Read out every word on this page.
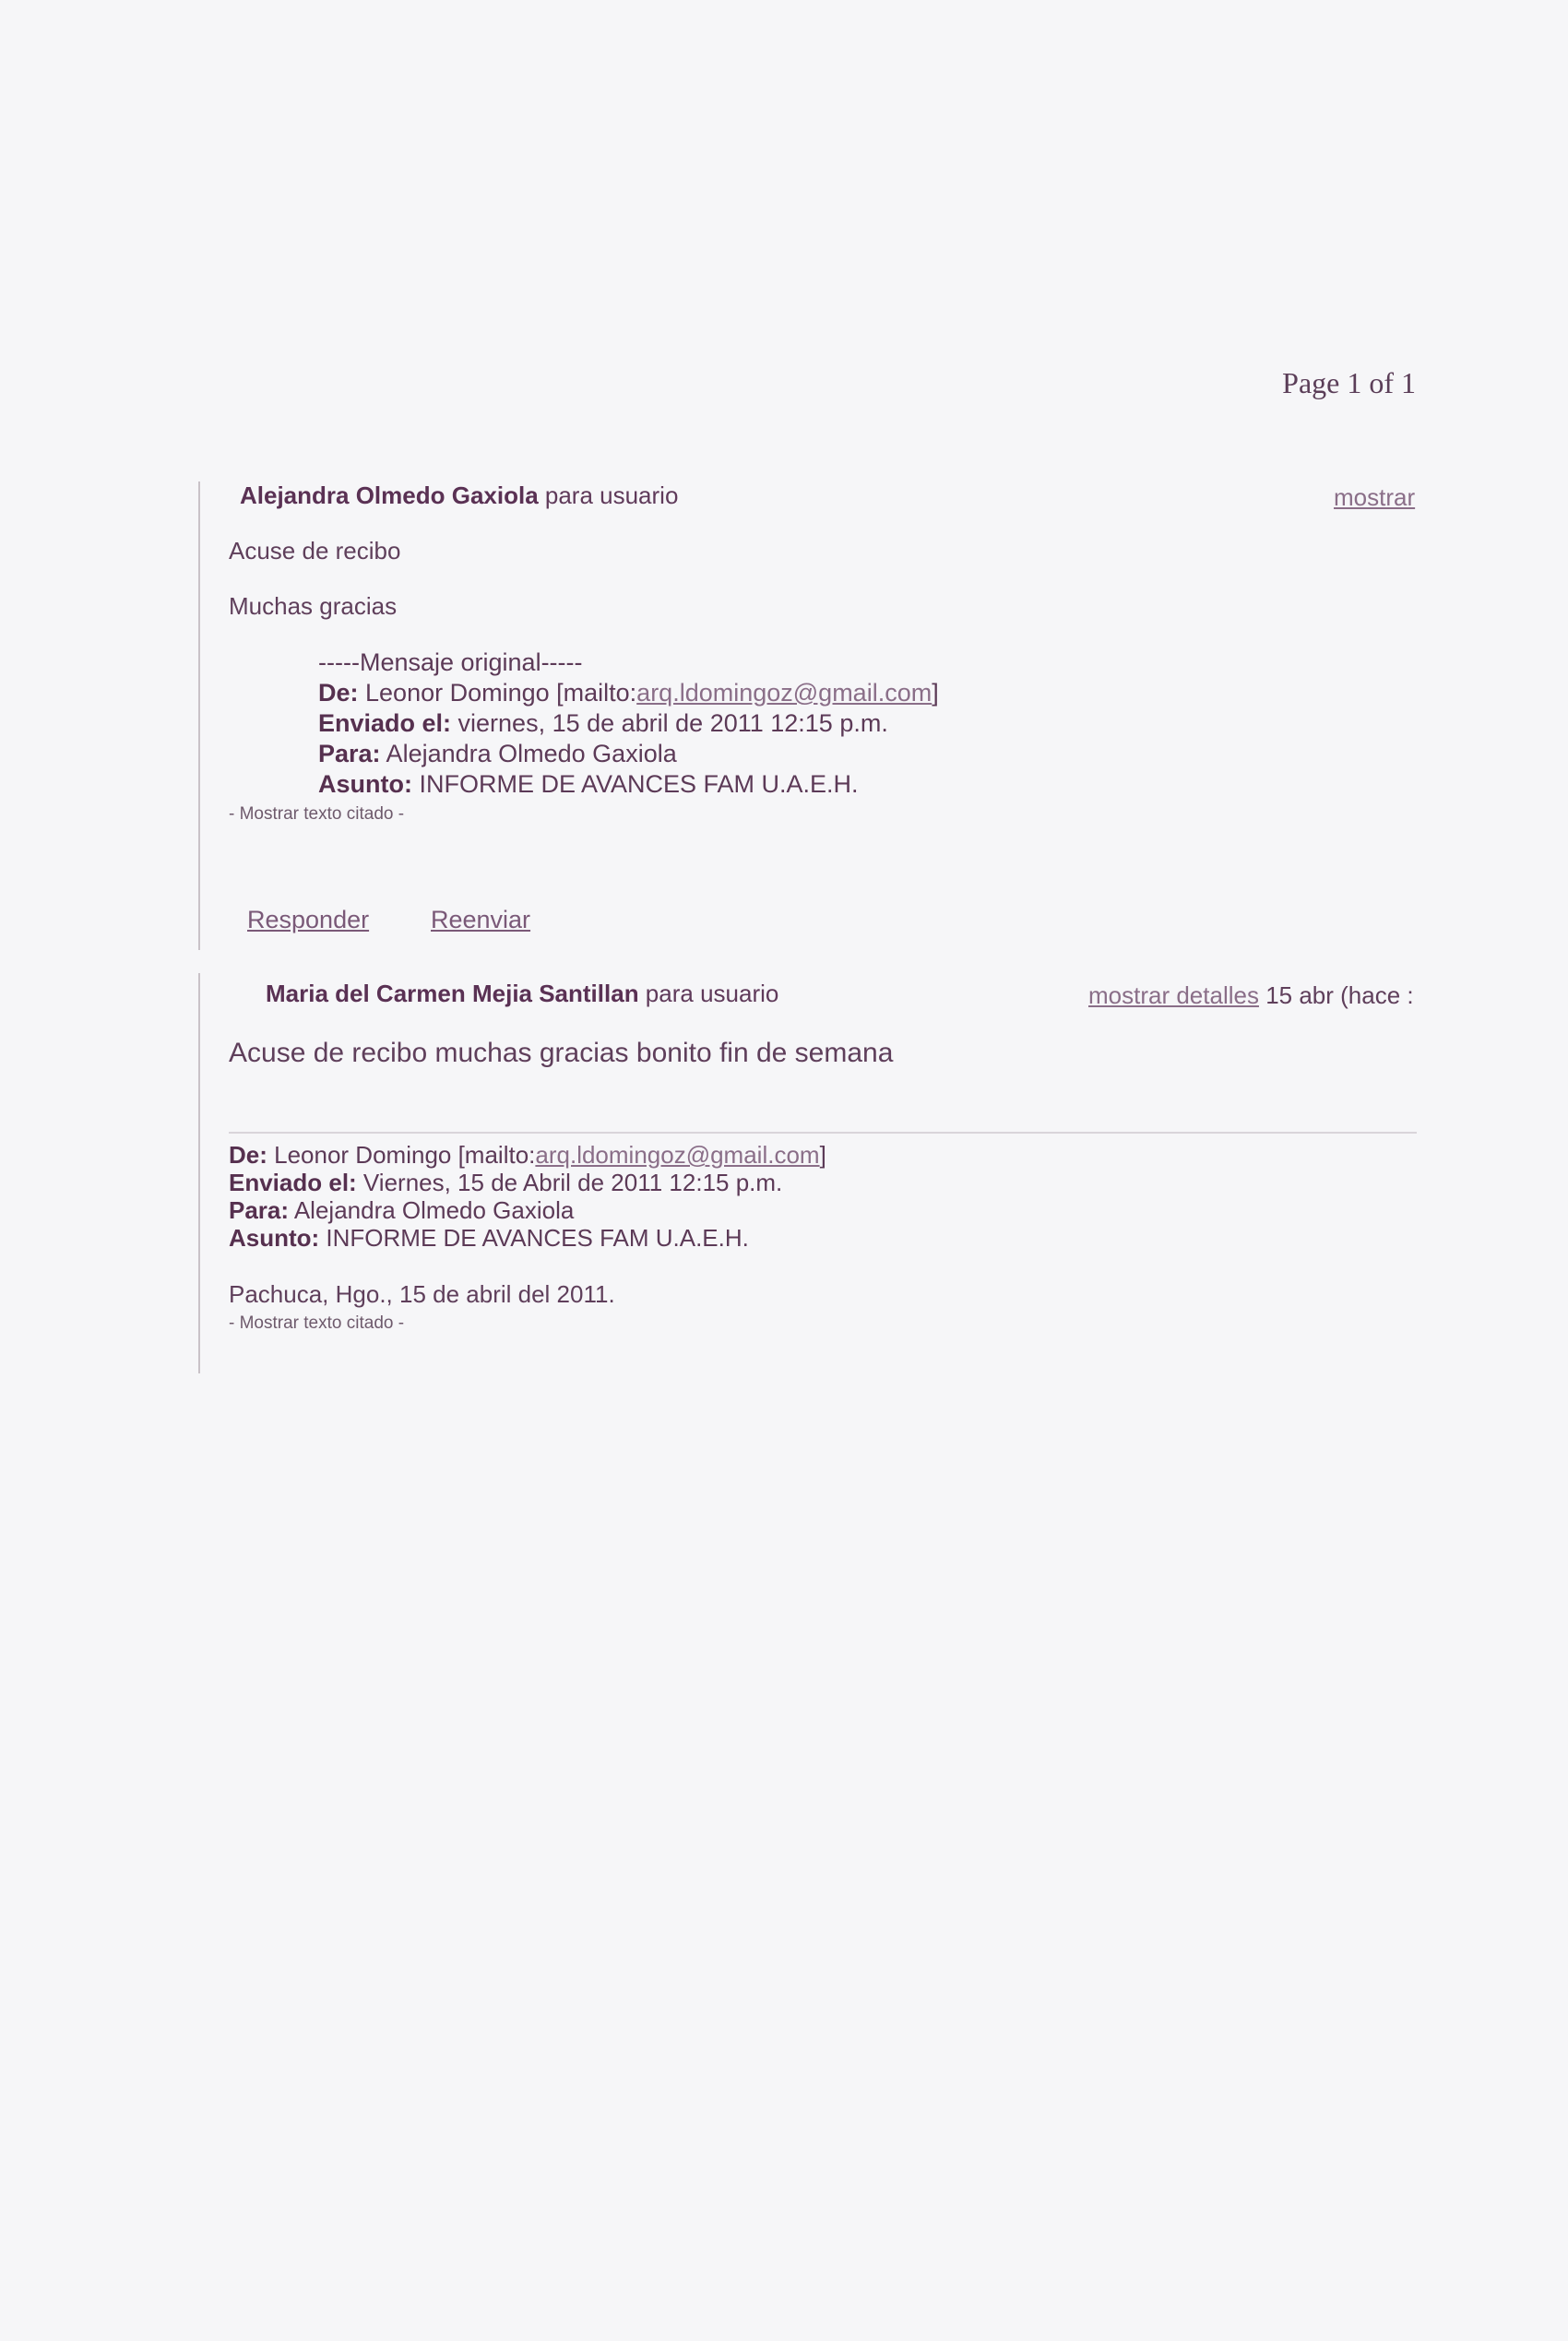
Page 1 of 1
Alejandra Olmedo Gaxiola para usuario	mostrar
Acuse de recibo
Muchas gracias
-----Mensaje original-----
De: Leonor Domingo [mailto:arq.ldomingoz@gmail.com]
Enviado el: viernes, 15 de abril de 2011 12:15 p.m.
Para: Alejandra Olmedo Gaxiola
Asunto: INFORME DE AVANCES FAM U.A.E.H.
- Mostrar texto citado -
Responder Reenviar
Maria del Carmen Mejia Santillan para usuario	mostrar detalles 15 abr (hace :
Acuse de recibo muchas gracias bonito fin de semana
De: Leonor Domingo [mailto:arq.ldomingoz@gmail.com]
Enviado el: Viernes, 15 de Abril de 2011 12:15 p.m.
Para: Alejandra Olmedo Gaxiola
Asunto: INFORME DE AVANCES FAM U.A.E.H.
Pachuca, Hgo., 15 de abril del 2011.
- Mostrar texto citado -
